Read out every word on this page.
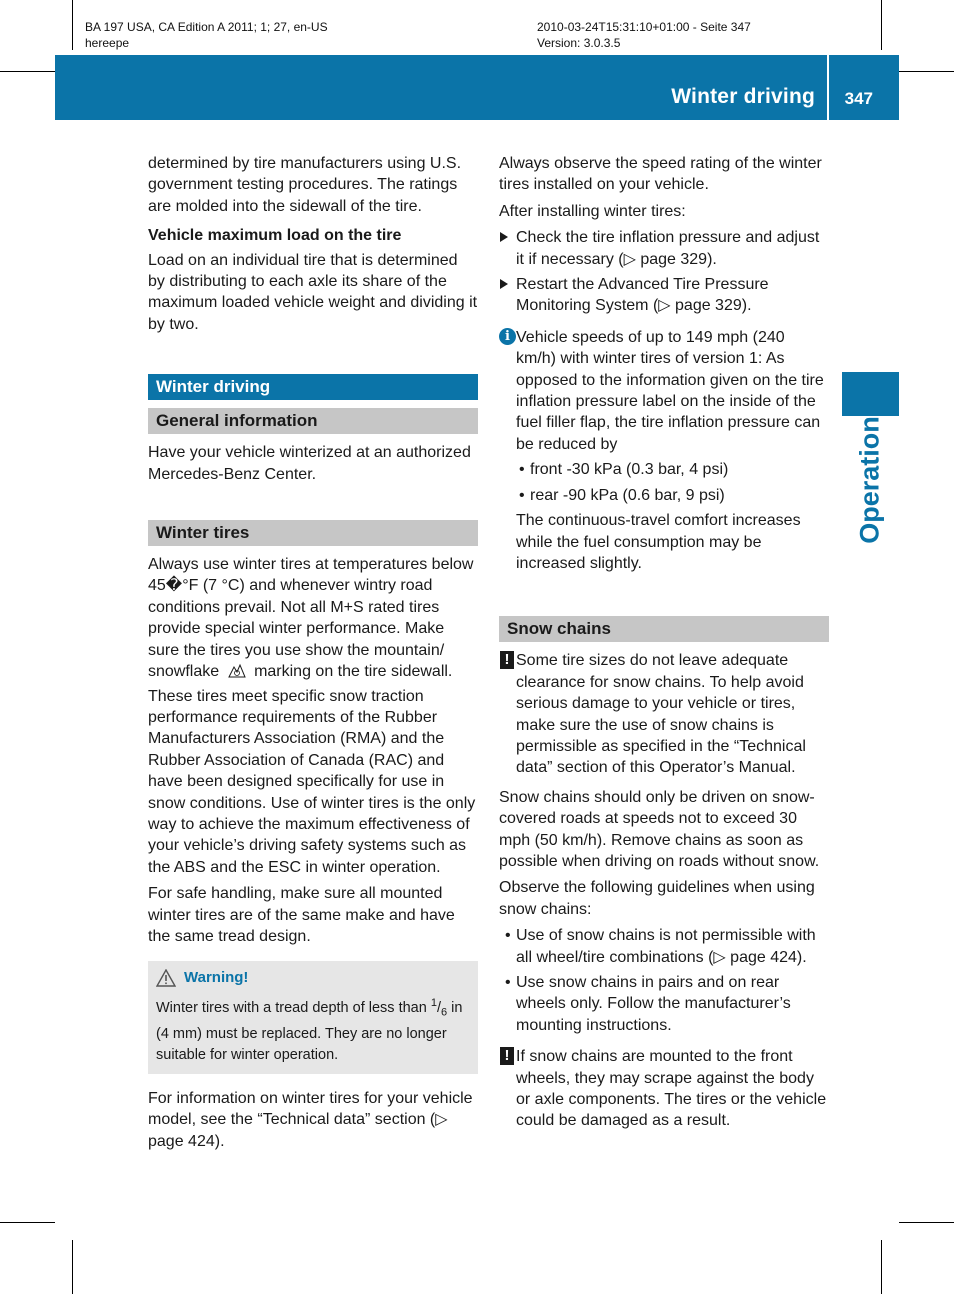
BA 197 USA, CA Edition A 2011; 1; 27, en-US
hereepe
2010-03-24T15:31:10+01:00 - Seite 347
Version: 3.0.3.5
Winter driving 347
Operation

determined by tire manufacturers using U.S. government testing procedures. The ratings are molded into the sidewall of the tire.

Vehicle maximum load on the tire

Load on an individual tire that is determined by distributing to each axle its share of the maximum loaded vehicle weight and dividing it by two.

Winter driving
General information

Have your vehicle winterized at an authorized Mercedes-Benz Center.

Winter tires

Always use winter tires at temperatures below 45�°F (7 °C) and whenever wintry road conditions prevail. Not all M+S rated tires provide special winter performance. Make sure the tires you use show the mountain/ snowflake marking on the tire sidewall. These tires meet specific snow traction performance requirements of the Rubber Manufacturers Association (RMA) and the Rubber Association of Canada (RAC) and have been designed specifically for use in snow conditions. Use of winter tires is the only way to achieve the maximum effectiveness of your vehicle’s driving safety systems such as the ABS and the ESC in winter operation.

For safe handling, make sure all mounted winter tires are of the same make and have the same tread design.

Warning!
Winter tires with a tread depth of less than $^1/_6$ in (4 mm) must be replaced. They are no longer suitable for winter operation.

For information on winter tires for your vehicle model, see the “Technical data” section (▷ page 424).

Always observe the speed rating of the winter tires installed on your vehicle.

After installing winter tires:

Check the tire inflation pressure and adjust it if necessary (▷ page 329).
Restart the Advanced Tire Pressure Monitoring System (▷ page 329).
i Vehicle speeds of up to 149 mph (240 km/h) with winter tires of version 1: As opposed to the information given on the tire inflation pressure label on the inside of the fuel filler flap, the tire inflation pressure can be reduced by
• front -30 kPa (0.3 bar, 4 psi)
• rear -90 kPa (0.6 bar, 9 psi)
The continuous-travel comfort increases while the fuel consumption may be increased slightly.
Snow chains
! Some tire sizes do not leave adequate clearance for snow chains. To help avoid serious damage to your vehicle or tires, make sure the use of snow chains is permissible as specified in the “Technical data” section of this Operator’s Manual.

Snow chains should only be driven on snow-covered roads at speeds not to exceed 30 mph (50 km/h). Remove chains as soon as possible when driving on roads without snow.

Observe the following guidelines when using snow chains:

• Use of snow chains is not permissible with all wheel/tire combinations (▷ page 424).
• Use snow chains in pairs and on rear wheels only. Follow the manufacturer’s mounting instructions.
! If snow chains are mounted to the front wheels, they may scrape against the body or axle components. The tires or the vehicle could be damaged as a result.
